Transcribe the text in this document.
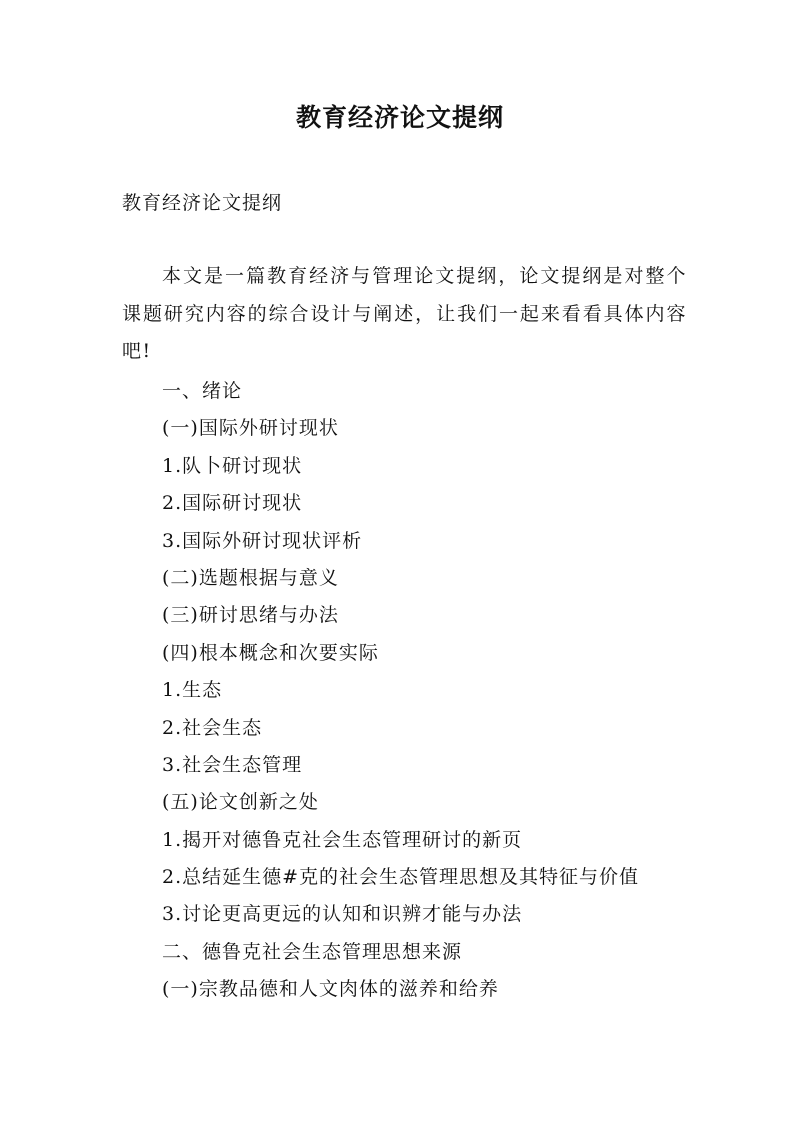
教育经济论文提纲

教育经济论文提纲

本文是一篇教育经济与管理论文提纲，论文提纲是对整个课题研究内容的综合设计与阐述，让我们一起来看看具体内容吧!

一、绪论
(一)国际外研讨现状
1.队卜研讨现状
2.国际研讨现状
3.国际外研讨现状评析
(二)选题根据与意义
(三)研讨思绪与办法
(四)根本概念和次要实际
1.生态
2.社会生态
3.社会生态管理
(五)论文创新之处
1.揭开对德鲁克社会生态管理研讨的新页
2.总结延生德#克的社会生态管理思想及其特征与价值
3.讨论更高更远的认知和识辨才能与办法
二、德鲁克社会生态管理思想来源
(一)宗教品德和人文肉体的滋养和给养
